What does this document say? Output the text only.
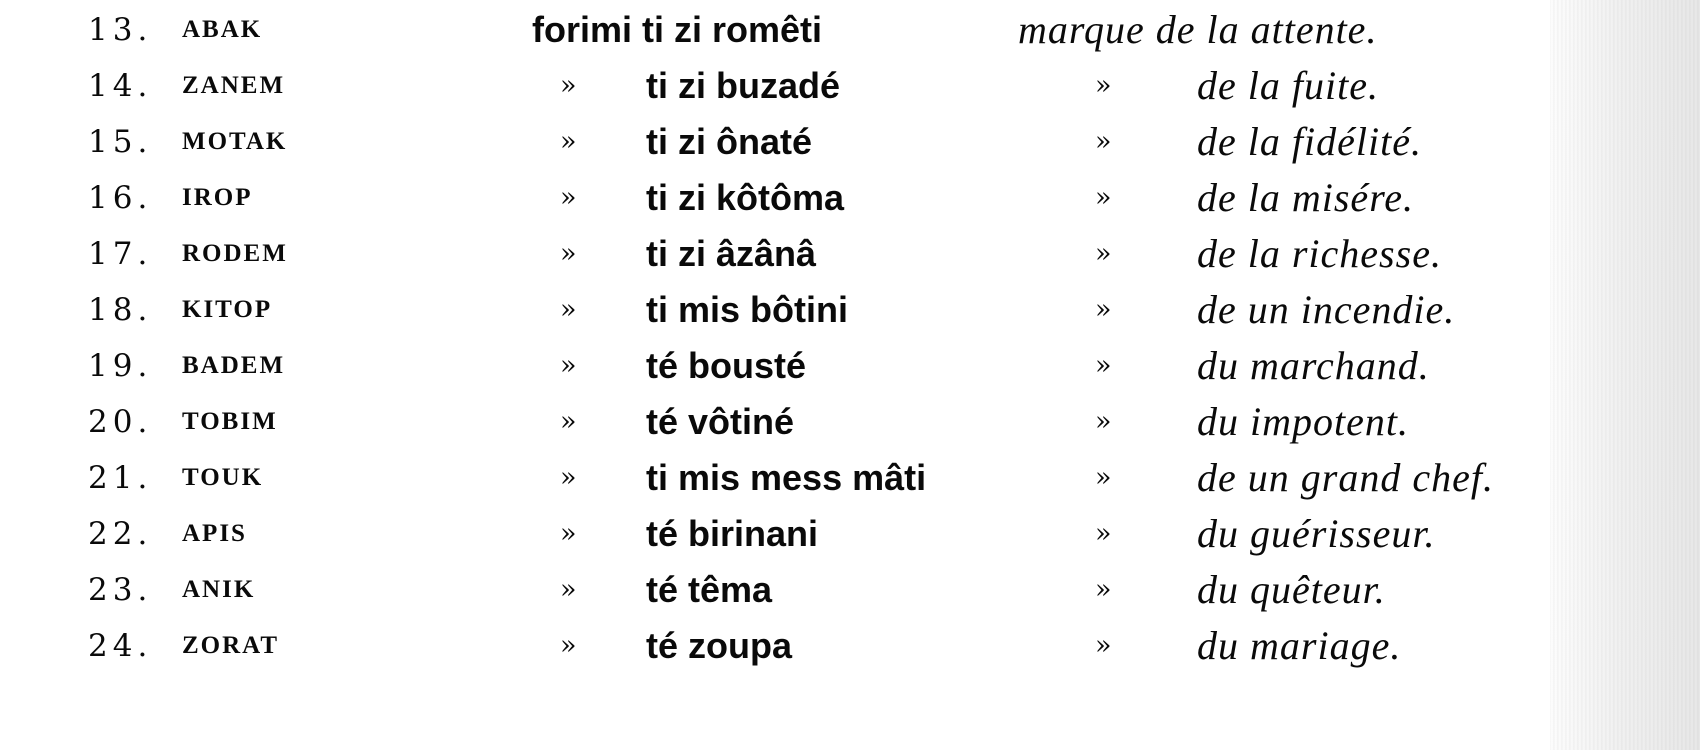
13. ABAK	forimi ti zi romêti	marque de la attente.
14. ZANEM	» ti zi buzadé	» de la fuite.
15. MOTAK	» ti zi ônaté	» de la fidélité.
16. IROP	» ti zi kôtôma	» de la misére.
17. RODEM	» ti zi âzânâ	» de la richesse.
18. KITOP	» ti mis bôtini	» de un incendie.
19. BADEM	» té bousté	» du marchand.
20. TOBIM	» té vôtiné	» du impotent.
21. TOUK	» ti mis mess mâti	» de un grand chef.
22. APIS	» té birinani	» du guérisseur.
23. ANIK	» té têma	» du quêteur.
24. ZORAT	» té zoupa	» du mariage.
